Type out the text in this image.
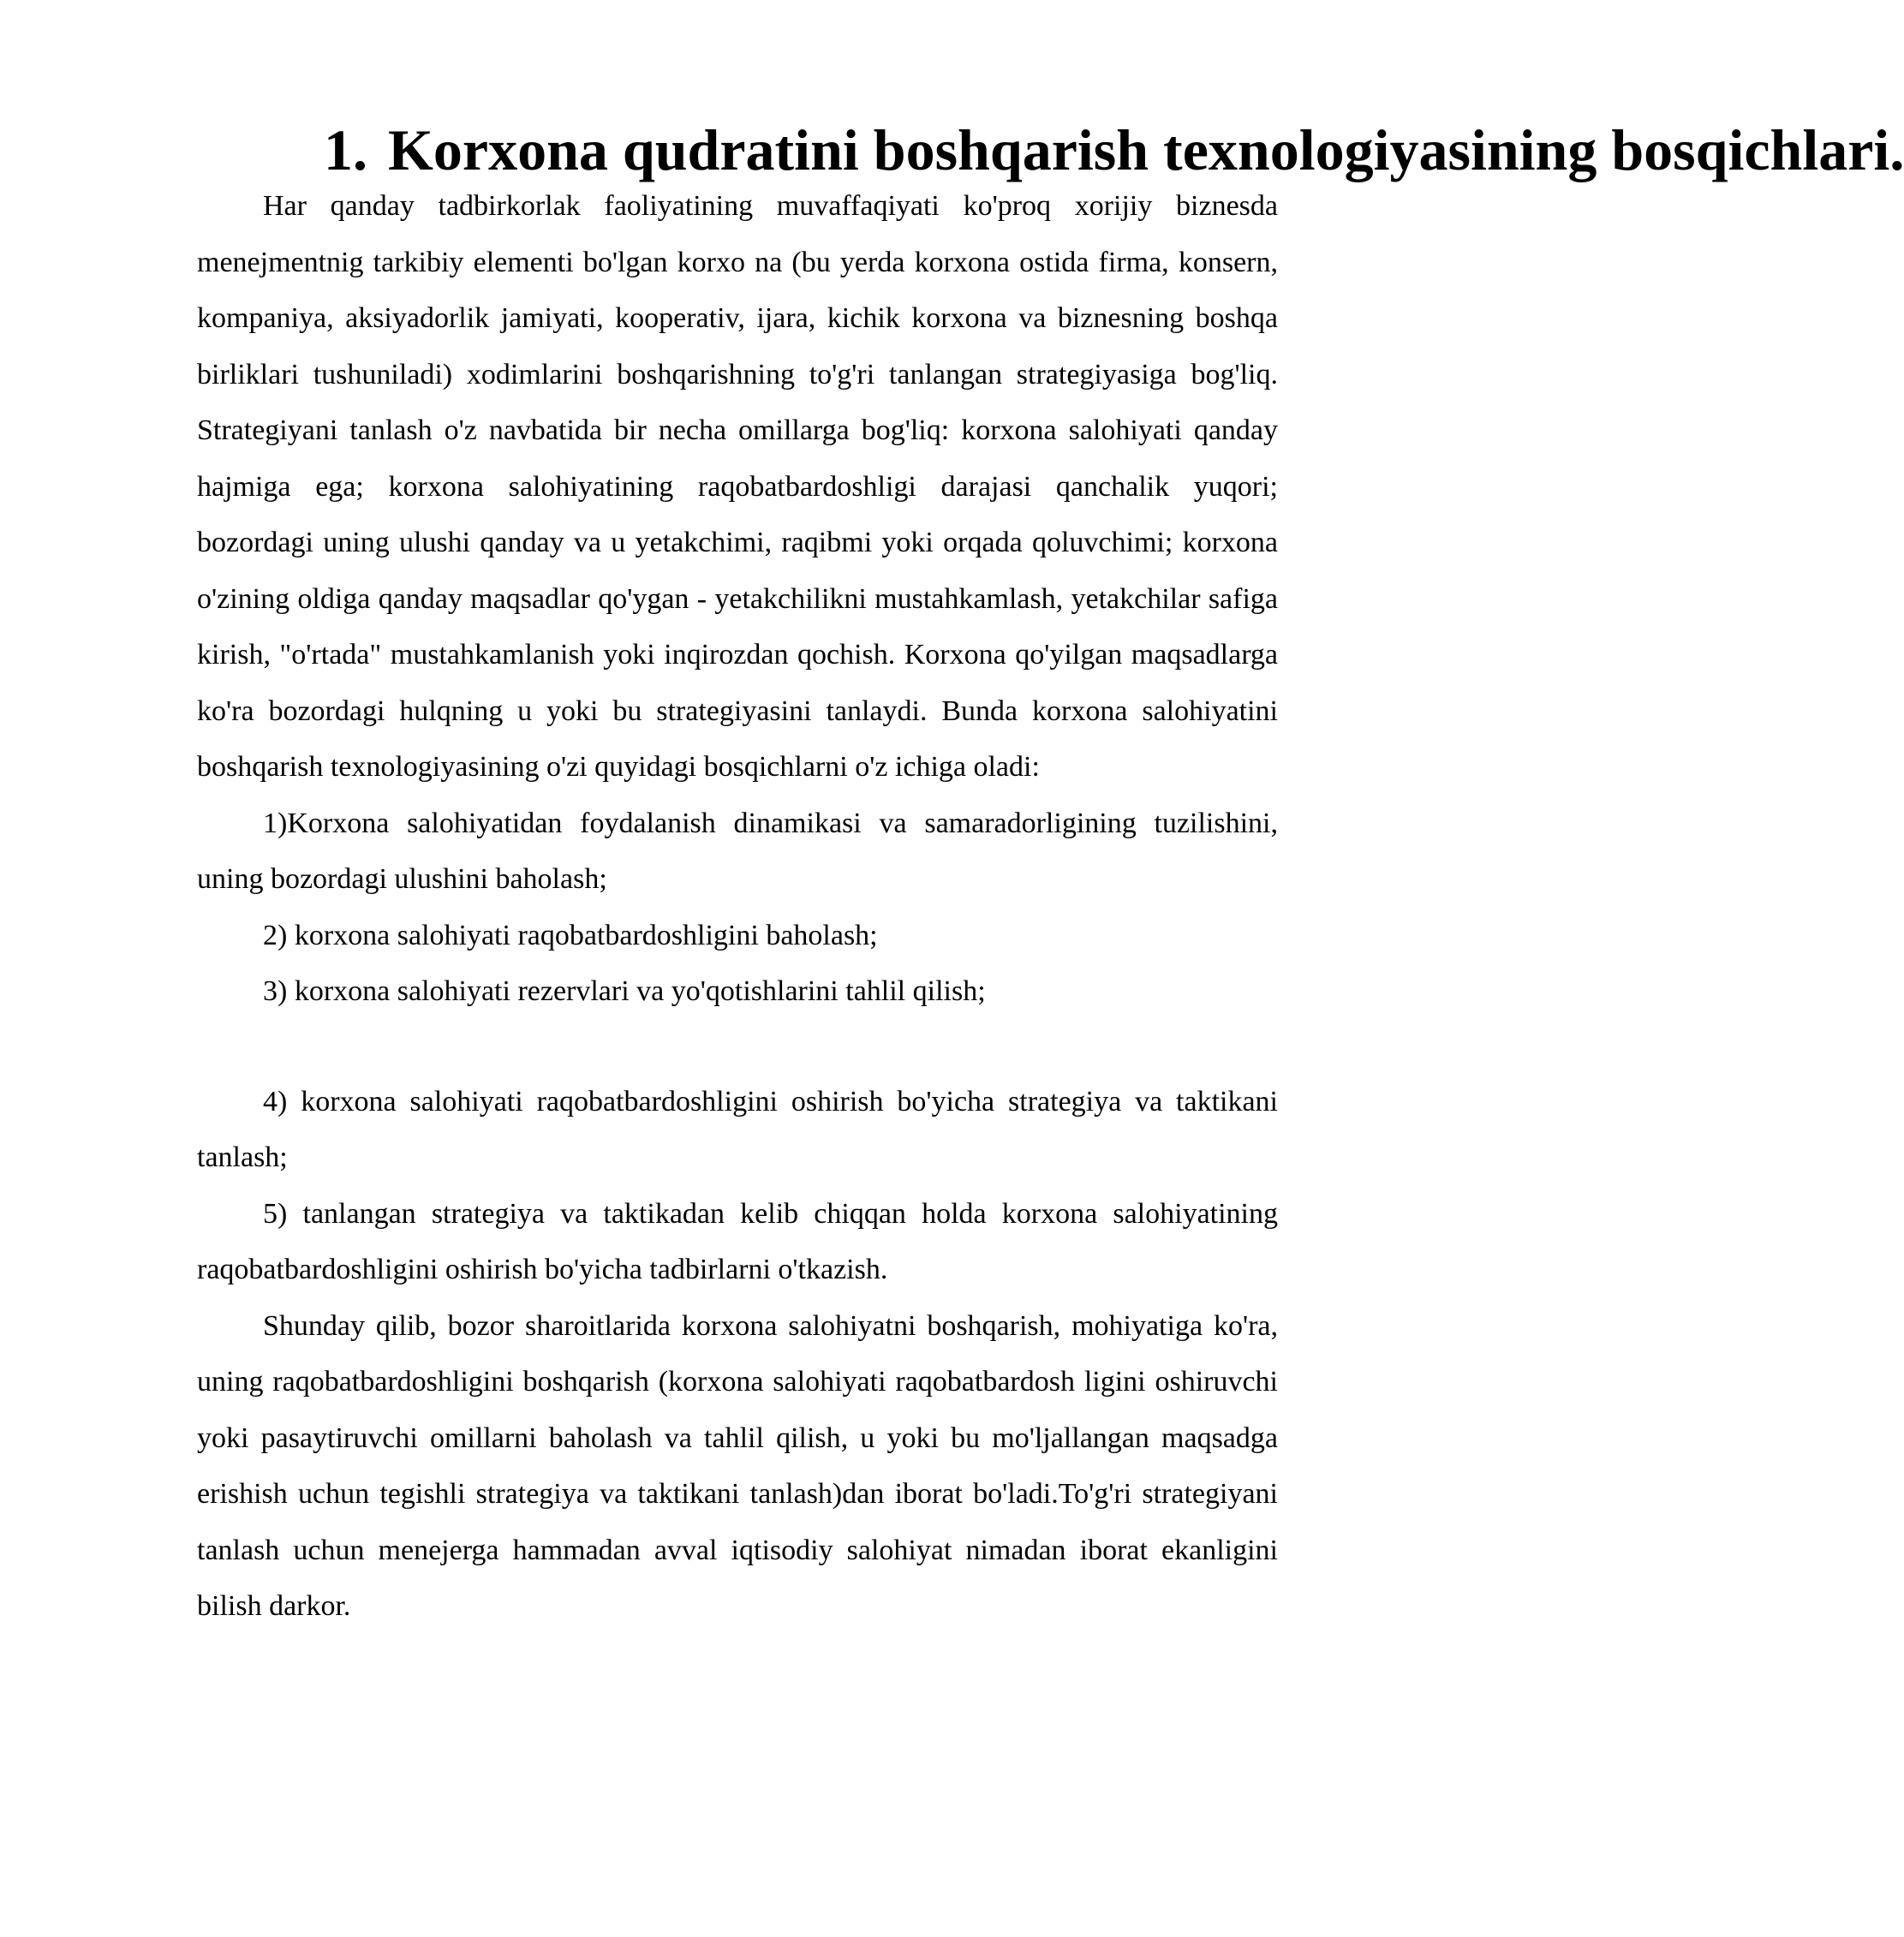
1. Korxona qudratini boshqarish texnologiyasining bosqichlari.

Har qanday tadbirkorlak faoliyatining muvaffaqiyati ko'proq xorijiy biznesda menejmentnig tarkibiy elementi bo'lgan korxo na (bu yerda korxona ostida firma, konsern, kompaniya, aksiyadorlik jamiyati, kooperativ, ijara, kichik korxona va biznesning boshqa birliklari tushuniladi) xodimlarini boshqarishning to'g'ri tanlangan strategiyasiga bog'liq. Strategiyani tanlash o'z navbatida bir necha omillarga bog'liq: korxona salohiyati qanday hajmiga ega; korxona salohiyatining raqobatbardoshligi darajasi qanchalik yuqori; bozordagi uning ulushi qanday va u yetakchimi, raqibmi yoki orqada qoluvchimi; korxona o'zining oldiga qanday maqsadlar qo'ygan - yetakchilikni mustahkamlash, yetakchilar safiga kirish, "o'rtada" mustahkamlanish yoki inqirozdan qochish. Korxona qo'yilgan maqsadlarga ko'ra bozordagi hulqning u yoki bu strategiyasini tanlaydi. Bunda korxona salohiyatini boshqarish texnologiyasining o'zi quyidagi bosqichlarni o'z ichiga oladi:

1)Korxona salohiyatidan foydalanish dinamikasi va samaradorligining tuzilishini, uning bozordagi ulushini baholash;

2) korxona salohiyati raqobatbardoshligini baholash;

3) korxona salohiyati rezervlari va yo'qotishlarini tahlil qilish;

4) korxona salohiyati raqobatbardoshligini oshirish bo'yicha strategiya va taktikani tanlash;

5) tanlangan strategiya va taktikadan kelib chiqqan holda korxona salohiyatining raqobatbardoshligini oshirish bo'yicha tadbirlarni o'tkazish.

Shunday qilib, bozor sharoitlarida korxona salohiyatni boshqarish, mohiyatiga ko'ra, uning raqobatbardoshligini boshqarish (korxona salohiyati raqobatbardosh ligini oshiruvchi yoki pasaytiruvchi omillarni baholash va tahlil qilish, u yoki bu mo'ljallangan maqsadga erishish uchun tegishli strategiya va taktikani tanlash)dan iborat bo'ladi.To'g'ri strategiyani tanlash uchun menejerga hammadan avval iqtisodiy salohiyat nimadan iborat ekanligini bilish darkor.
